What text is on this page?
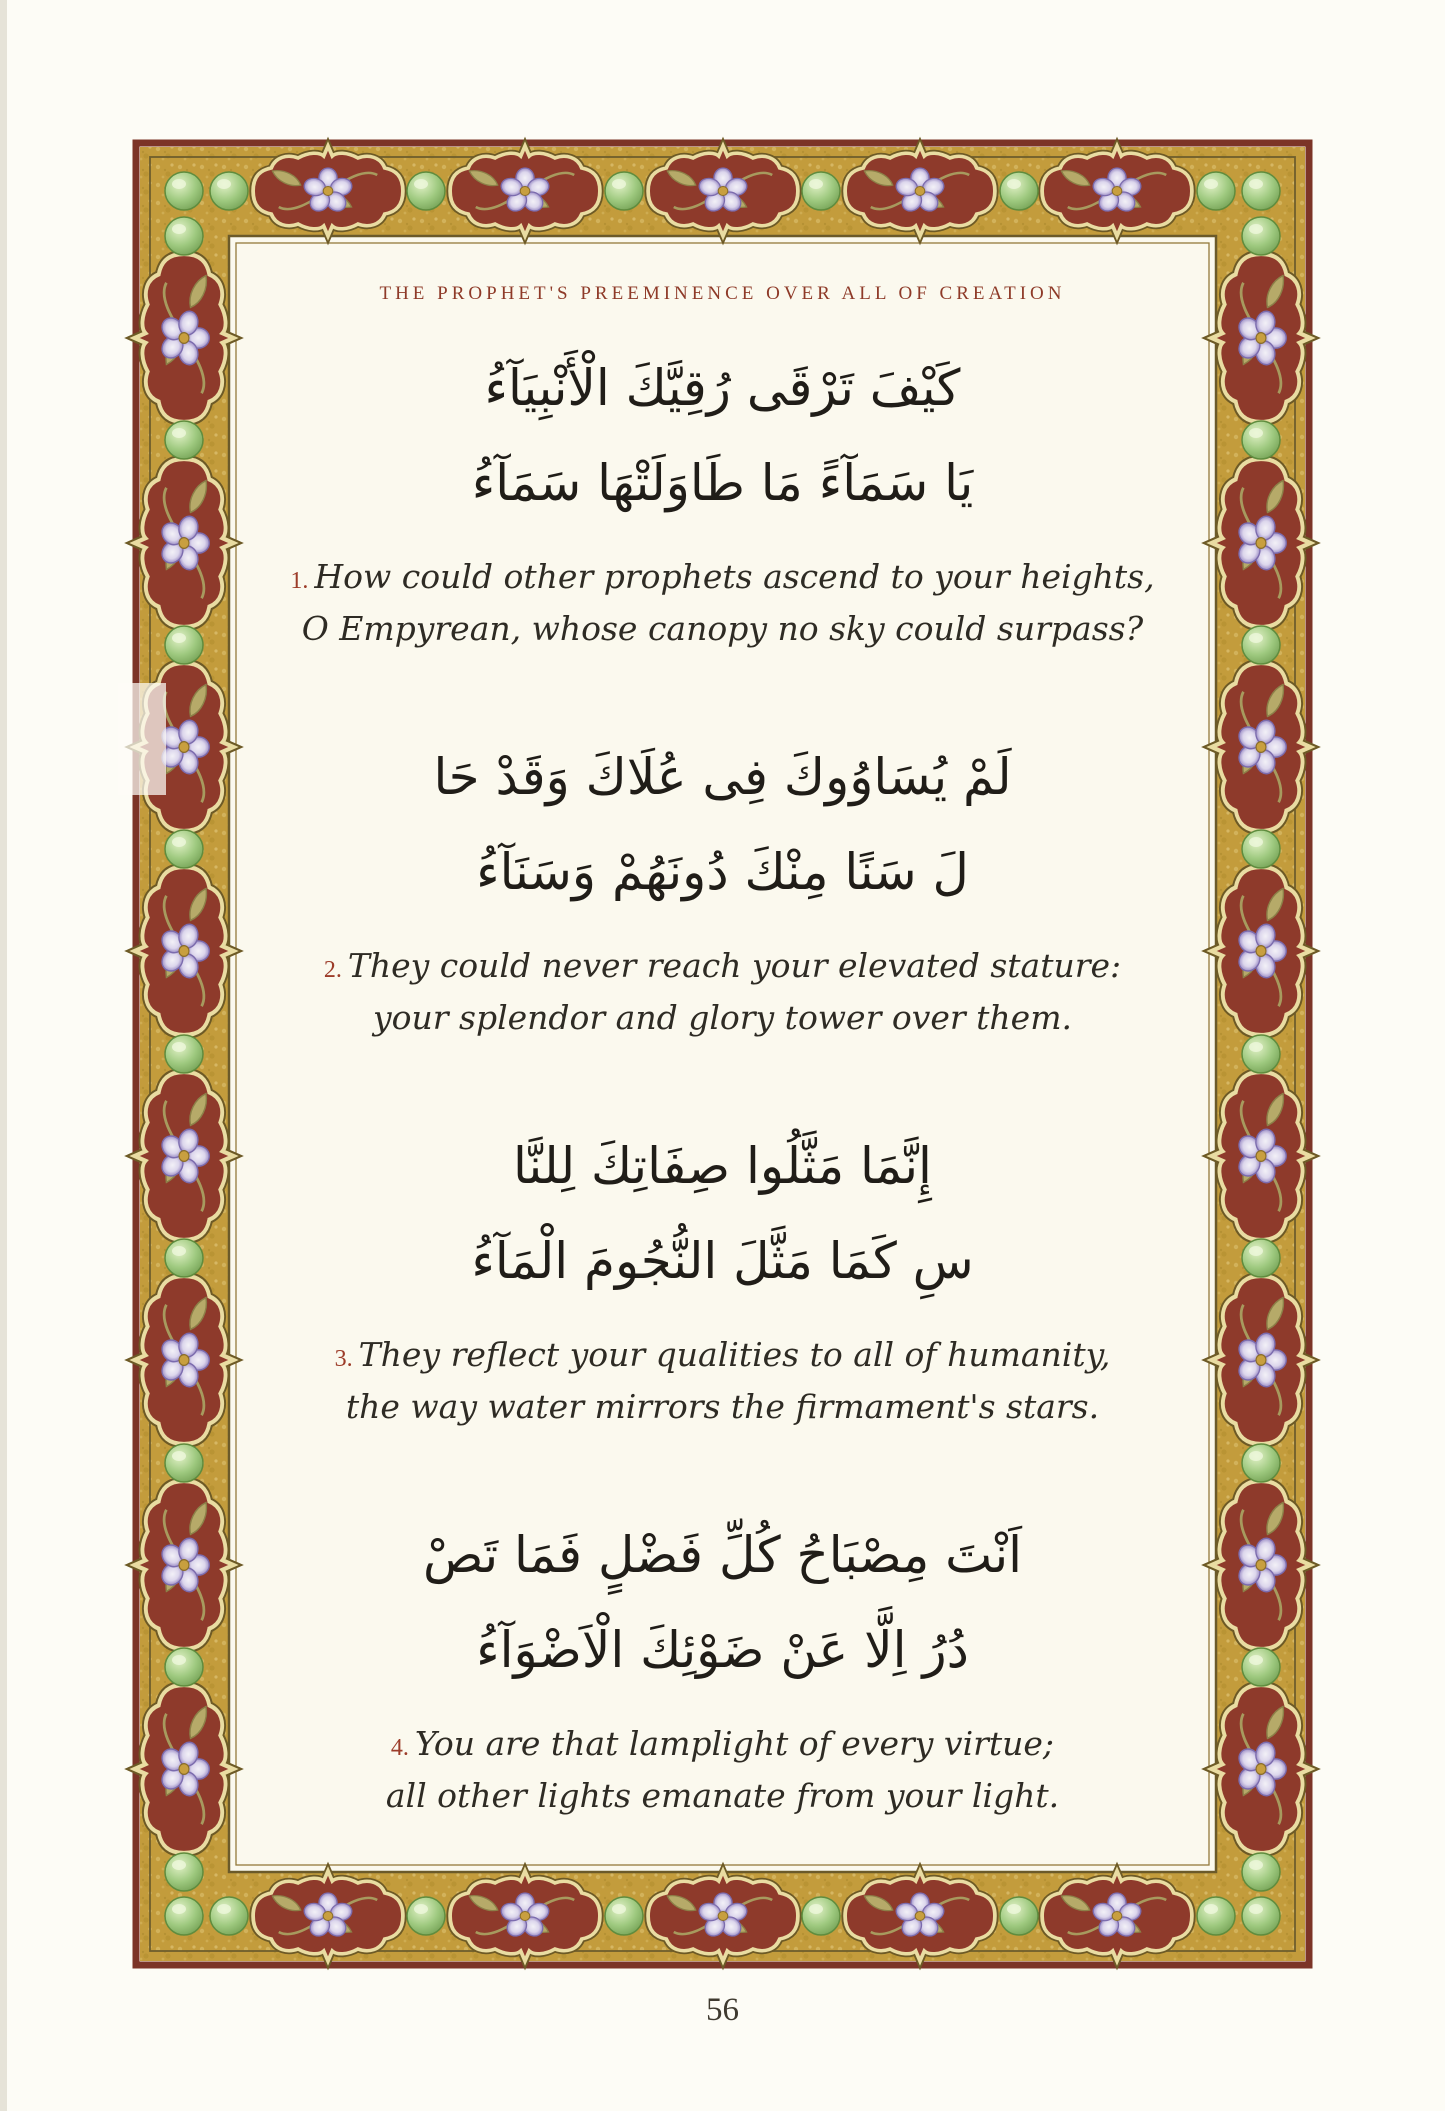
THE PROPHET'S PREEMINENCE OVER ALL OF CREATION
كَيْفَ تَرْقَى رُقِيَّكَ الْأَنْبِيَآءُ
يَا سَمَآءً مَا طَاوَلَتْهَا سَمَآءُ
1. How could other prophets ascend to your heights,
O Empyrean, whose canopy no sky could surpass?
لَمْ يُسَاوُوكَ فِى عُلَاكَ وَقَدْ حَا
لَ سَنًا مِنْكَ دُونَهُمْ وَسَنَآءُ
2. They could never reach your elevated stature:
your splendor and glory tower over them.
إِنَّمَا مَثَّلُوا صِفَاتِكَ لِلنَّا
سِ كَمَا مَثَّلَ النُّجُومَ الْمَآءُ
3. They reflect your qualities to all of humanity,
the way water mirrors the firmament's stars.
اَنْتَ مِصْبَاحُ كُلِّ فَضْلٍ فَمَا تَصْ
دُرُ اِلَّا عَنْ ضَوْئِكَ الْاَضْوَآءُ
4. You are that lamplight of every virtue;
all other lights emanate from your light.
56
